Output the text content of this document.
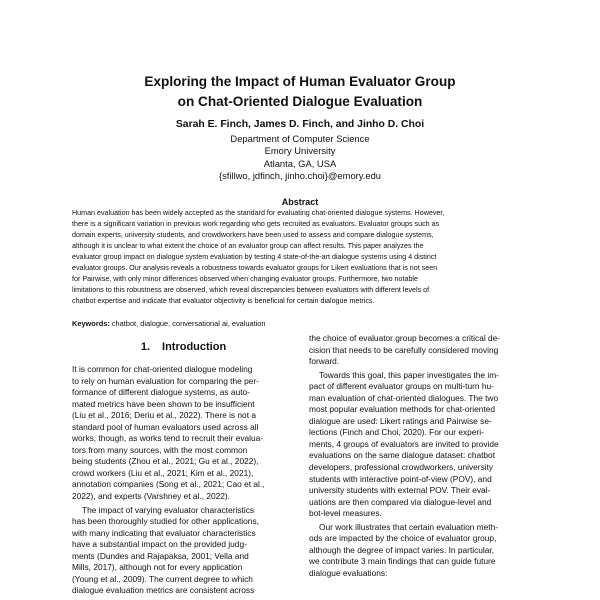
Exploring the Impact of Human Evaluator Group
on Chat-Oriented Dialogue Evaluation
Sarah E. Finch, James D. Finch, and Jinho D. Choi
Department of Computer Science
Emory University
Atlanta, GA, USA
{sfillwo, jdfinch, jinho.choi}@emory.edu
Abstract
Human evaluation has been widely accepted as the standard for evaluating chat-oriented dialogue systems. However,
there is a significant variation in previous work regarding who gets recruited as evaluators. Evaluator groups such as
domain experts, university students, and crowdworkers have been used to assess and compare dialogue systems,
although it is unclear to what extent the choice of an evaluator group can affect results. This paper analyzes the
evaluator group impact on dialogue system evaluation by testing 4 state-of-the-art dialogue systems using 4 distinct
evaluator groups. Our analysis reveals a robustness towards evaluator groups for Likert evaluations that is not seen
for Pairwise, with only minor differences observed when changing evaluator groups. Furthermore, two notable
limitations to this robustness are observed, which reveal discrepancies between evaluators with different levels of
chatbot expertise and indicate that evaluator objectivity is beneficial for certain dialogue metrics.
Keywords: chatbot, dialogue, conversational ai, evaluation
1. Introduction

It is common for chat-oriented dialogue modeling
to rely on human evaluation for comparing the per-
formance of different dialogue systems, as auto-
mated metrics have been shown to be insufficient
(Liu et al., 2016; Deriu et al., 2022). There is not a
standard pool of human evaluators used across all
works, though, as works tend to recruit their evalua-
tors from many sources, with the most common
being students (Zhou et al., 2021; Gu et al., 2022),
crowd workers (Liu et al., 2021; Kim et al., 2021),
annotation companies (Song et al., 2021; Cao et al.,
2022), and experts (Varshney et al., 2022).

The impact of varying evaluator characteristics
has been thoroughly studied for other applications,
with many indicating that evaluator characteristics
have a substantial impact on the provided judg-
ments (Dundes and Rajapaksa, 2001; Vella and
Mills, 2017), although not for every application
(Young et al., 2009). The current degree to which
dialogue evaluation metrics are consistent across

the choice of evaluator group becomes a critical de-
cision that needs to be carefully considered moving
forward.

Towards this goal, this paper investigates the im-
pact of different evaluator groups on multi-turn hu-
man evaluation of chat-oriented dialogues. The two
most popular evaluation methods for chat-oriented
dialogue are used: Likert ratings and Pairwise se-
lections (Finch and Choi, 2020). For our experi-
ments, 4 groups of evaluators are invited to provide
evaluations on the same dialogue dataset: chatbot
developers, professional crowdworkers, university
students with interactive point-of-view (POV), and
university students with external POV. Their eval-
uations are then compared via dialogue-level and
bot-level measures.

Our work illustrates that certain evaluation meth-
ods are impacted by the choice of evaluator group,
although the degree of impact varies. In particular,
we contribute 3 main findings that can guide future
dialogue evaluations:
